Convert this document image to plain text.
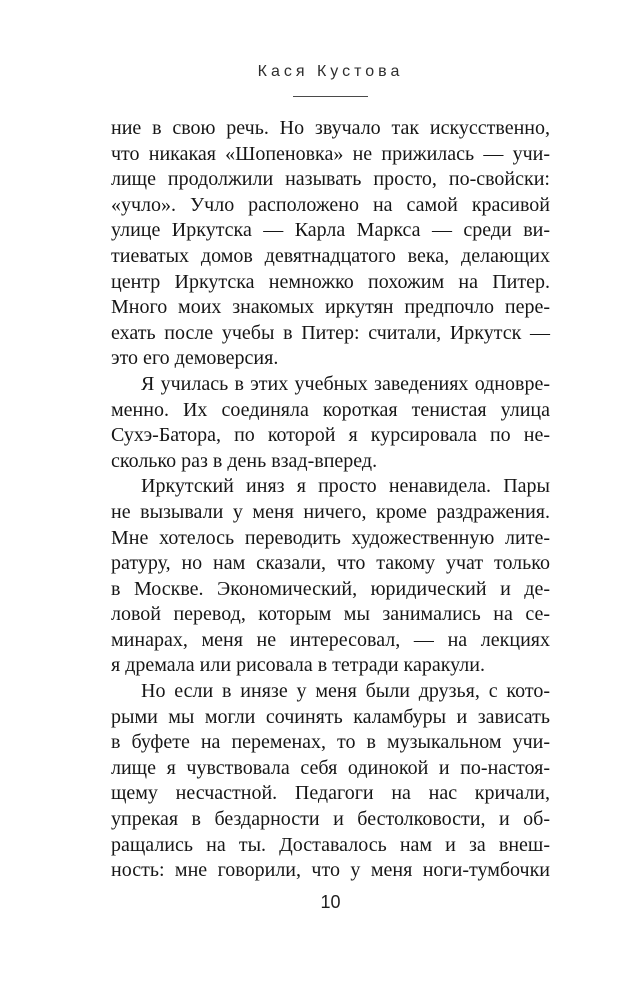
Кася Кустова
ние в свою речь. Но звучало так искусственно,
что никакая «Шопеновка» не прижилась — учи-
лище продолжили называть просто, по-свойски:
«учло». Учло расположено на самой красивой
улице Иркутска — Карла Маркса — среди ви-
тиеватых домов девятнадцатого века, делающих
центр Иркутска немножко похожим на Питер.
Много моих знакомых иркутян предпочло пере-
ехать после учебы в Питер: считали, Иркутск —
это его демоверсия.
Я училась в этих учебных заведениях одновре-
менно. Их соединяла короткая тенистая улица
Сухэ-Батора, по которой я курсировала по не-
сколько раз в день взад-вперед.
Иркутский иняз я просто ненавидела. Пары
не вызывали у меня ничего, кроме раздражения.
Мне хотелось переводить художественную лите-
ратуру, но нам сказали, что такому учат только
в Москве. Экономический, юридический и де-
ловой перевод, которым мы занимались на се-
минарах, меня не интересовал, — на лекциях
я дремала или рисовала в тетради каракули.
Но если в инязе у меня были друзья, с кото-
рыми мы могли сочинять каламбуры и зависать
в буфете на переменах, то в музыкальном учи-
лище я чувствовала себя одинокой и по-настоя-
щему несчастной. Педагоги на нас кричали,
упрекая в бездарности и бестолковости, и об-
ращались на ты. Доставалось нам и за внеш-
ность: мне говорили, что у меня ноги-тумбочки
10
